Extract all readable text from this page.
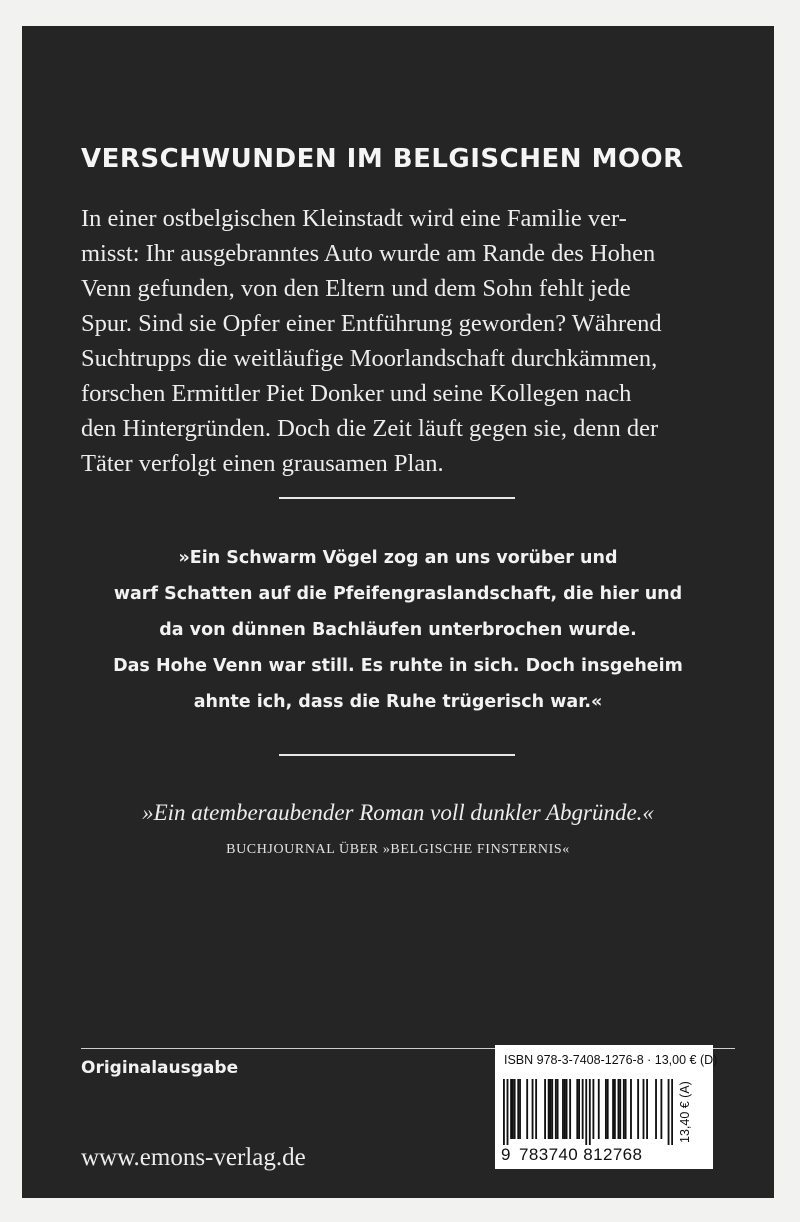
VERSCHWUNDEN IM BELGISCHEN MOOR

In einer ostbelgischen Kleinstadt wird eine Familie ver-
misst: Ihr ausgebranntes Auto wurde am Rande des Hohen
Venn gefunden, von den Eltern und dem Sohn fehlt jede
Spur. Sind sie Opfer einer Entführung geworden? Während
Suchtrupps die weitläufige Moorlandschaft durchkämmen,
forschen Ermittler Piet Donker und seine Kollegen nach
den Hintergründen. Doch die Zeit läuft gegen sie, denn der
Täter verfolgt einen grausamen Plan.

»Ein Schwarm Vögel zog an uns vorüber und
warf Schatten auf die Pfeifengraslandschaft, die hier und
da von dünnen Bachläufen unterbrochen wurde.
Das Hohe Venn war still. Es ruhte in sich. Doch insgeheim
ahnte ich, dass die Ruhe trügerisch war.«

»Ein atemberaubender Roman voll dunkler Abgründe.«
BUCHJOURNAL ÜBER »BELGISCHE FINSTERNIS«
Originalausgabe
www.emons-verlag.de
ISBN 978-3-7408-1276-8 · 13,00 € (D)
9 783740 812768
13,40 € (A)
